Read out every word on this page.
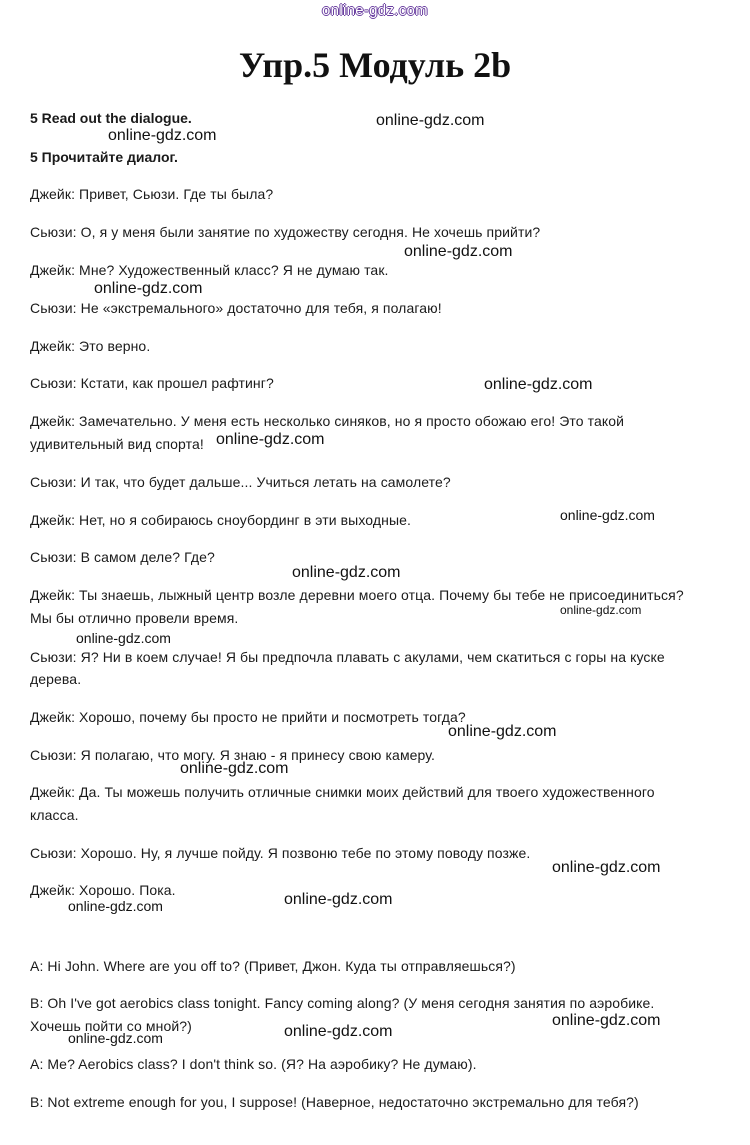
online-gdz.com
Упр.5 Модуль 2b
5 Read out the dialogue.
5 Прочитайте диалог.
Джейк: Привет, Сьюзи. Где ты была?
Сьюзи: О, я у меня были занятие по художеству сегодня. Не хочешь прийти?
Джейк: Мне? Художественный класс? Я не думаю так.
Сьюзи: Не «экстремального» достаточно для тебя, я полагаю!
Джейк: Это верно.
Сьюзи: Кстати, как прошел рафтинг?
Джейк: Замечательно. У меня есть несколько синяков, но я просто обожаю его! Это такой
удивительный вид спорта!
Сьюзи: И так, что будет дальше... Учиться летать на самолете?
Джейк: Нет, но я собираюсь сноубординг в эти выходные.
Сьюзи: В самом деле? Где?
Джейк: Ты знаешь, лыжный центр возле деревни моего отца. Почему бы тебе не присоединиться?
Мы бы отлично провели время.
Сьюзи: Я? Ни в коем случае! Я бы предпочла плавать с акулами, чем скатиться с горы на куске
дерева.
Джейк: Хорошо, почему бы просто не прийти и посмотреть тогда?
Сьюзи: Я полагаю, что могу. Я знаю - я принесу свою камеру.
Джейк: Да. Ты можешь получить отличные снимки моих действий для твоего художественного
класса.
Сьюзи: Хорошо. Ну, я лучше пойду. Я позвоню тебе по этому поводу позже.
Джейк: Хорошо. Пока.
A: Hi John. Where are you off to? (Привет, Джон. Куда ты отправляешься?)
B: Oh I've got aerobics class tonight. Fancy coming along? (У меня сегодня занятия по аэробике.
Хочешь пойти со мной?)
A: Me? Aerobics class? I don't think so. (Я? На аэробику? Не думаю).
B: Not extreme enough for you, I suppose! (Наверное, недостаточно экстремально для тебя?)
online-gdz.com
online-gdz.com
online-gdz.com
online-gdz.com
online-gdz.com
online-gdz.com
online-gdz.com
online-gdz.com
online-gdz.com
online-gdz.com
online-gdz.com
online-gdz.com
online-gdz.com
online-gdz.com	online-gdz.com
online-gdz.com
online-gdz.com
online-gdz.com
